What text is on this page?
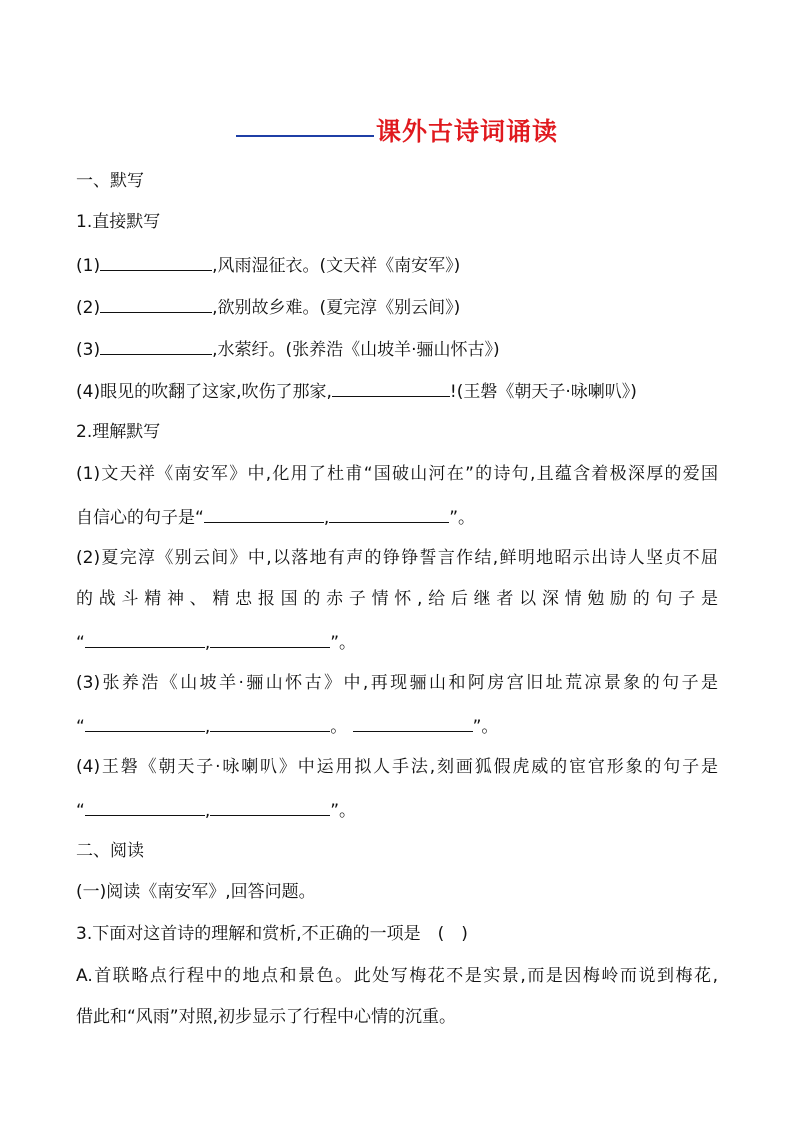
课外古诗词诵读
一、默写
1.直接默写
(1)	,风雨湿征衣。(文天祥《南安军》)
(2)	,欲别故乡难。(夏完淳《别云间》)
(3)	,水萦纡。(张养浩《山坡羊·骊山怀古》)
(4)眼见的吹翻了这家,吹伤了那家,	!(王磐《朝天子·咏喇叭》)
2.理解默写
(1)文天祥《南安军》中,化用了杜甫“国破山河在”的诗句,且蕴含着极深厚的爱国
自信心的句子是“	,	”。
(2)夏完淳《别云间》中,以落地有声的铮铮誓言作结,鲜明地昭示出诗人坚贞不屈
的战斗精神、精忠报国的赤子情怀,给后继者以深情勉励的句子是
“	,	”。
(3)张养浩《山坡羊·骊山怀古》中,再现骊山和阿房宫旧址荒凉景象的句子是
“	,	。	”。
(4)王磐《朝天子·咏喇叭》中运用拟人手法,刻画狐假虎威的宦官形象的句子是
“	,	”。
二、阅读
(一)阅读《南安军》,回答问题。
3.下面对这首诗的理解和赏析,不正确的一项是　(　)
A.首联略点行程中的地点和景色。此处写梅花不是实景,而是因梅岭而说到梅花,
借此和“风雨”对照,初步显示了行程中心情的沉重。
